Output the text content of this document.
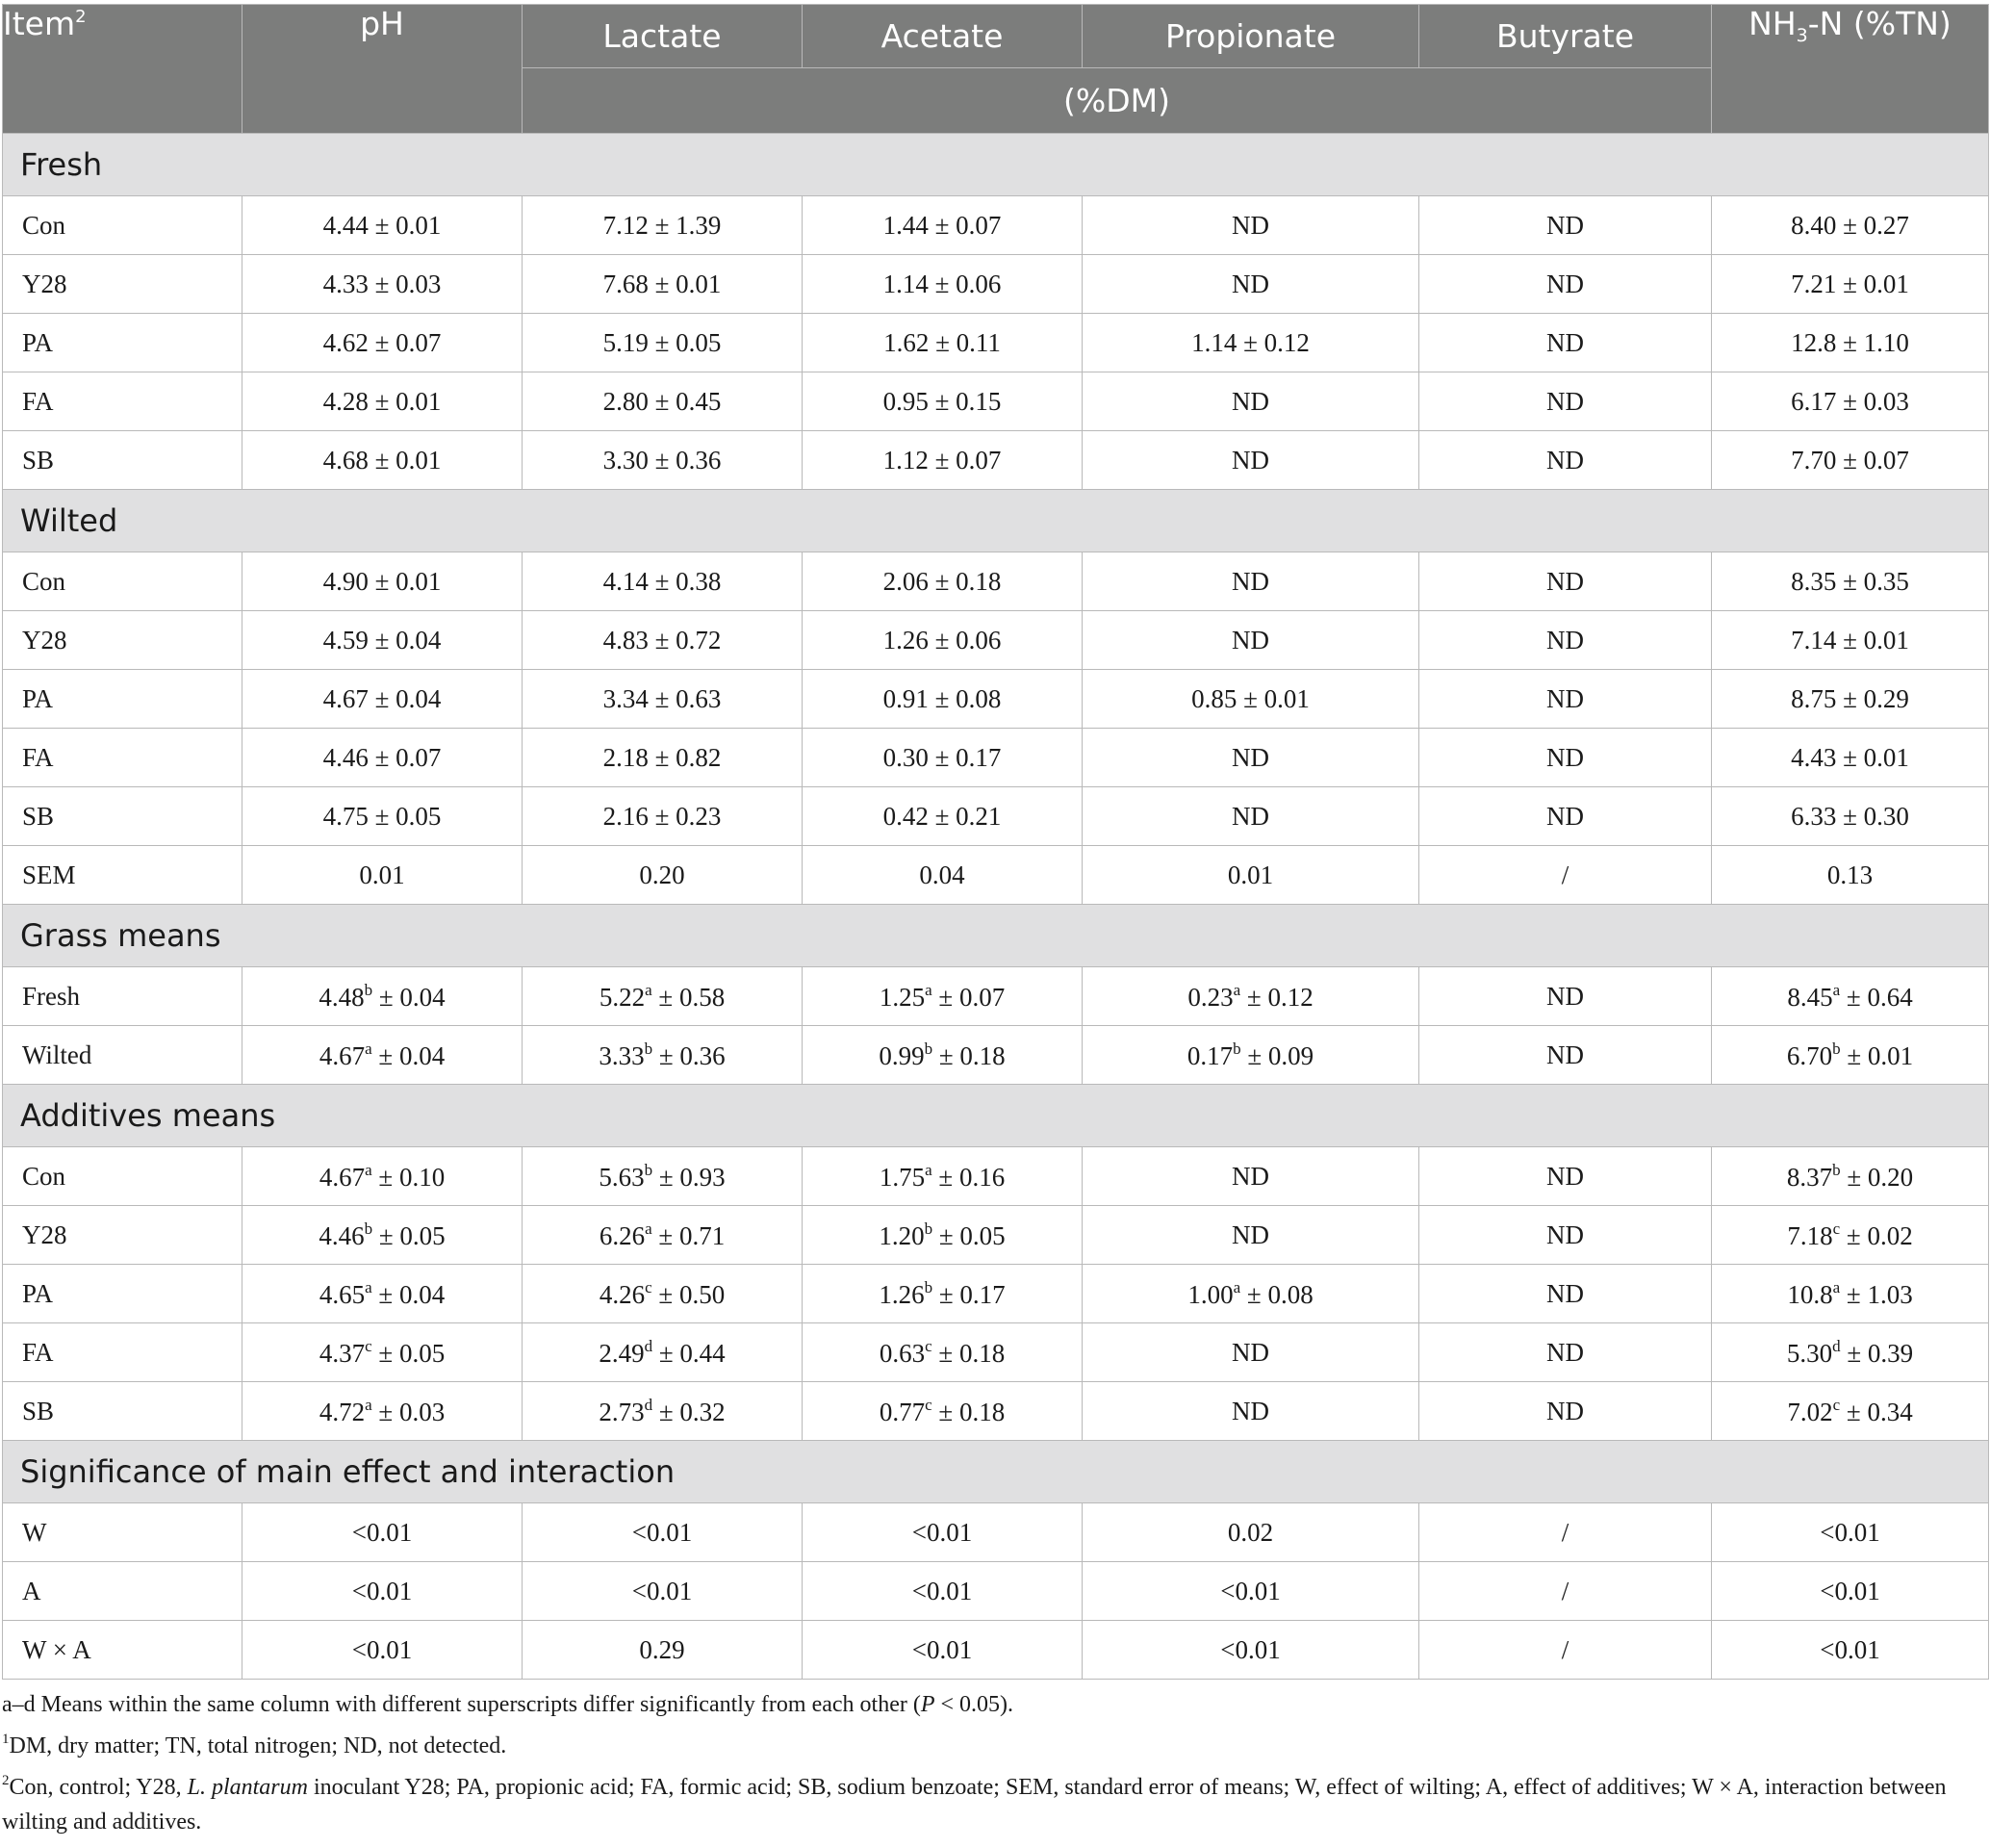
Item$^2$	pH	Lactate	Acetate	Propionate	Butyrate	$NH_3-N$ (%TN)
		(%DM)				
Fresh						
Con	4.44 ± 0.01	7.12 ± 1.39	1.44 ± 0.07	ND	ND	8.40 ± 0.27
Y28	4.33 ± 0.03	7.68 ± 0.01	1.14 ± 0.06	ND	ND	7.21 ± 0.01
PA	4.62 ± 0.07	5.19 ± 0.05	1.62 ± 0.11	1.14 ± 0.12	ND	12.8 ± 1.10
FA	4.28 ± 0.01	2.80 ± 0.45	0.95 ± 0.15	ND	ND	6.17 ± 0.03
SB	4.68 ± 0.01	3.30 ± 0.36	1.12 ± 0.07	ND	ND	7.70 ± 0.07
Wilted						
Con	4.90 ± 0.01	4.14 ± 0.38	2.06 ± 0.18	ND	ND	8.35 ± 0.35
Y28	4.59 ± 0.04	4.83 ± 0.72	1.26 ± 0.06	ND	ND	7.14 ± 0.01
PA	4.67 ± 0.04	3.34 ± 0.63	0.91 ± 0.08	0.85 ± 0.01	ND	8.75 ± 0.29
FA	4.46 ± 0.07	2.18 ± 0.82	0.30 ± 0.17	ND	ND	4.43 ± 0.01
SB	4.75 ± 0.05	2.16 ± 0.23	0.42 ± 0.21	ND	ND	6.33 ± 0.30
SEM	0.01	0.20	0.04	0.01	/	0.13
Grass means						
Fresh	4.48$^b$ ± 0.04	5.22$^a$ ± 0.58	1.25$^a$ ± 0.07	0.23$^a$ ± 0.12	ND	8.45$^a$ ± 0.64
Wilted	4.67$^a$ ± 0.04	3.33$^b$ ± 0.36	0.99$^b$ ± 0.18	0.17$^b$ ± 0.09	ND	6.70$^b$ ± 0.01
Additives means						
Con	4.67$^a$ ± 0.10	5.63$^b$ ± 0.93	1.75$^a$ ± 0.16	ND	ND	8.37$^b$ ± 0.20
Y28	4.46$^b$ ± 0.05	6.26$^a$ ± 0.71	1.20$^b$ ± 0.05	ND	ND	7.18$^c$ ± 0.02
PA	4.65$^a$ ± 0.04	4.26$^c$ ± 0.50	1.26$^b$ ± 0.17	1.00$^a$ ± 0.08	ND	10.8$^a$ ± 1.03
FA	4.37$^c$ ± 0.05	2.49$^d$ ± 0.44	0.63$^c$ ± 0.18	ND	ND	5.30$^d$ ± 0.39
SB	4.72$^a$ ± 0.03	2.73$^d$ ± 0.32	0.77$^c$ ± 0.18	ND	ND	7.02$^c$ ± 0.34
Significance of main effect and interaction						
W	<0.01	<0.01	<0.01	0.02	/	<0.01
A	<0.01	<0.01	<0.01	<0.01	/	<0.01
W × A	<0.01	0.29	<0.01	<0.01	/	<0.01

a–d Means within the same column with different superscripts differ significantly from each other (P < 0.05).

$^1$DM, dry matter; TN, total nitrogen; ND, not detected.

$^2$Con, control; Y28, L. plantarum inoculant Y28; PA, propionic acid; FA, formic acid; SB, sodium benzoate; SEM, standard error of means; W, effect of wilting; A, effect of additives; W × A, interaction between wilting and additives.
